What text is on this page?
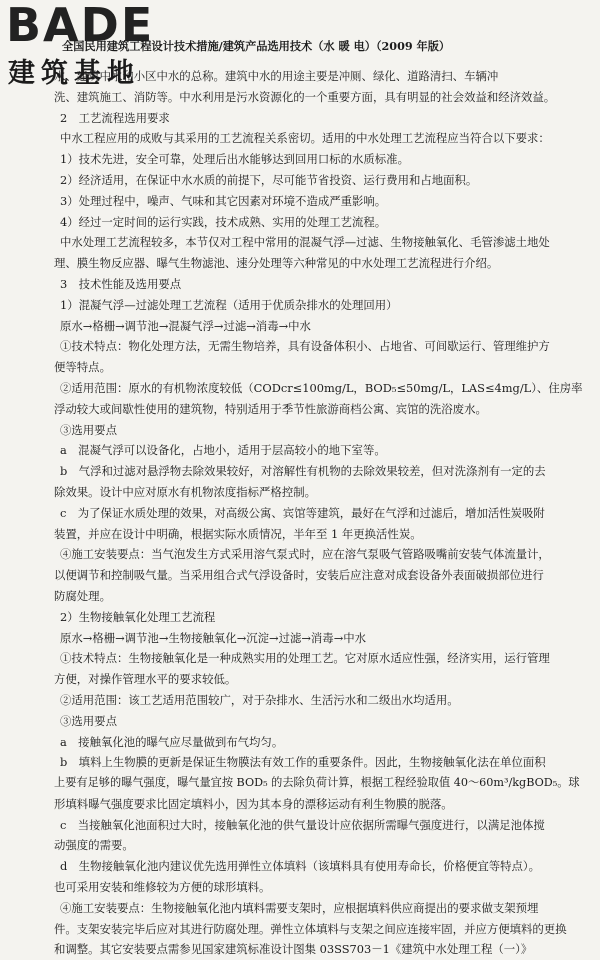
BADE
建筑基地
全国民用建筑工程设计技术措施/建筑产品选用技术（水 暖 电）（2009 年版）

水、建筑中水和小区中水的总称。建筑中水的用途主要是冲厕、绿化、道路清扫、车辆冲

洗、建筑施工、消防等。中水利用是污水资源化的一个重要方面，具有明显的社会效益和经济效益。

2　工艺流程选用要求

中水工程应用的成败与其采用的工艺流程关系密切。适用的中水处理工艺流程应当符合以下要求：

1）技术先进，安全可靠，处理后出水能够达到回用口标的水质标准。

2）经济适用，在保证中水水质的前提下，尽可能节省投资、运行费用和占地面积。

3）处理过程中，噪声、气味和其它因素对环境不造成严重影响。

4）经过一定时间的运行实践，技术成熟、实用的处理工艺流程。

中水处理工艺流程较多，本节仅对工程中常用的混凝气浮—过滤、生物接触氧化、毛管渗滤土地处

理、膜生物反应器、曝气生物滤池、速分处理等六种常见的中水处理工艺流程进行介绍。

3　技术性能及选用要点

1）混凝气浮—过滤处理工艺流程（适用于优质杂排水的处理回用）

原水→格栅→调节池→混凝气浮→过滤→消毒→中水

①技术特点：物化处理方法，无需生物培养，具有设备体积小、占地省、可间歇运行、管理维护方

便等特点。

②适用范围：原水的有机物浓度较低（CODcr≤100mg/L，BOD₅≤50mg/L，LAS≤4mg/L）、住房率

浮动较大或间歇性使用的建筑物，特别适用于季节性旅游商档公寓、宾馆的洗浴废水。

③选用要点

a　混凝气浮可以设备化，占地小，适用于层高较小的地下室等。

b　气浮和过滤对悬浮物去除效果较好，对溶解性有机物的去除效果较差，但对洗涤剂有一定的去

除效果。设计中应对原水有机物浓度指标严格控制。

c　为了保证水质处理的效果，对高级公寓、宾馆等建筑，最好在气浮和过滤后，增加活性炭吸附

装置，并应在设计中明确，根据实际水质情况，半年至 1 年更换活性炭。

④施工安装要点：当气泡发生方式采用溶气泵式时，应在溶气泵吸气管路吸嘴前安装气体流量计，

以便调节和控制吸气量。当采用组合式气浮设备时，安装后应注意对成套设备外表面破损部位进行

防腐处理。

2）生物接触氧化处理工艺流程

原水→格栅→调节池→生物接触氧化→沉淀→过滤→消毒→中水

①技术特点：生物接触氧化是一种成熟实用的处理工艺。它对原水适应性强，经济实用，运行管理

方便，对操作管理水平的要求较低。

②适用范围：该工艺适用范围较广，对于杂排水、生活污水和二级出水均适用。

③选用要点

a　接触氧化池的曝气应尽量做到布气均匀。

b　填料上生物膜的更新是保证生物膜法有效工作的重要条件。因此，生物接触氧化法在单位面积

上要有足够的曝气强度，曝气量宜按 BOD₅ 的去除负荷计算，根据工程经验取值 40～60m³/kgBOD₅。球

形填料曝气强度要求比固定填料小，因为其本身的漂移运动有利生物膜的脱落。

c　当接触氧化池面积过大时，接触氧化池的供气量设计应依据所需曝气强度进行，以满足池体搅

动强度的需要。

d　生物接触氧化池内建议优先选用弹性立体填料（该填料具有使用寿命长，价格便宜等特点）。

也可采用安装和维修较为方便的球形填料。

④施工安装要点：生物接触氧化池内填料需要支架时，应根据填料供应商提出的要求做支架预埋

件。支架安装完毕后应对其进行防腐处理。弹性立体填料与支架之间应连接牢固，并应方便填料的更换

和调整。其它安装要点需参见国家建筑标准设计图集 03SS703－1《建筑中水处理工程（一）》
